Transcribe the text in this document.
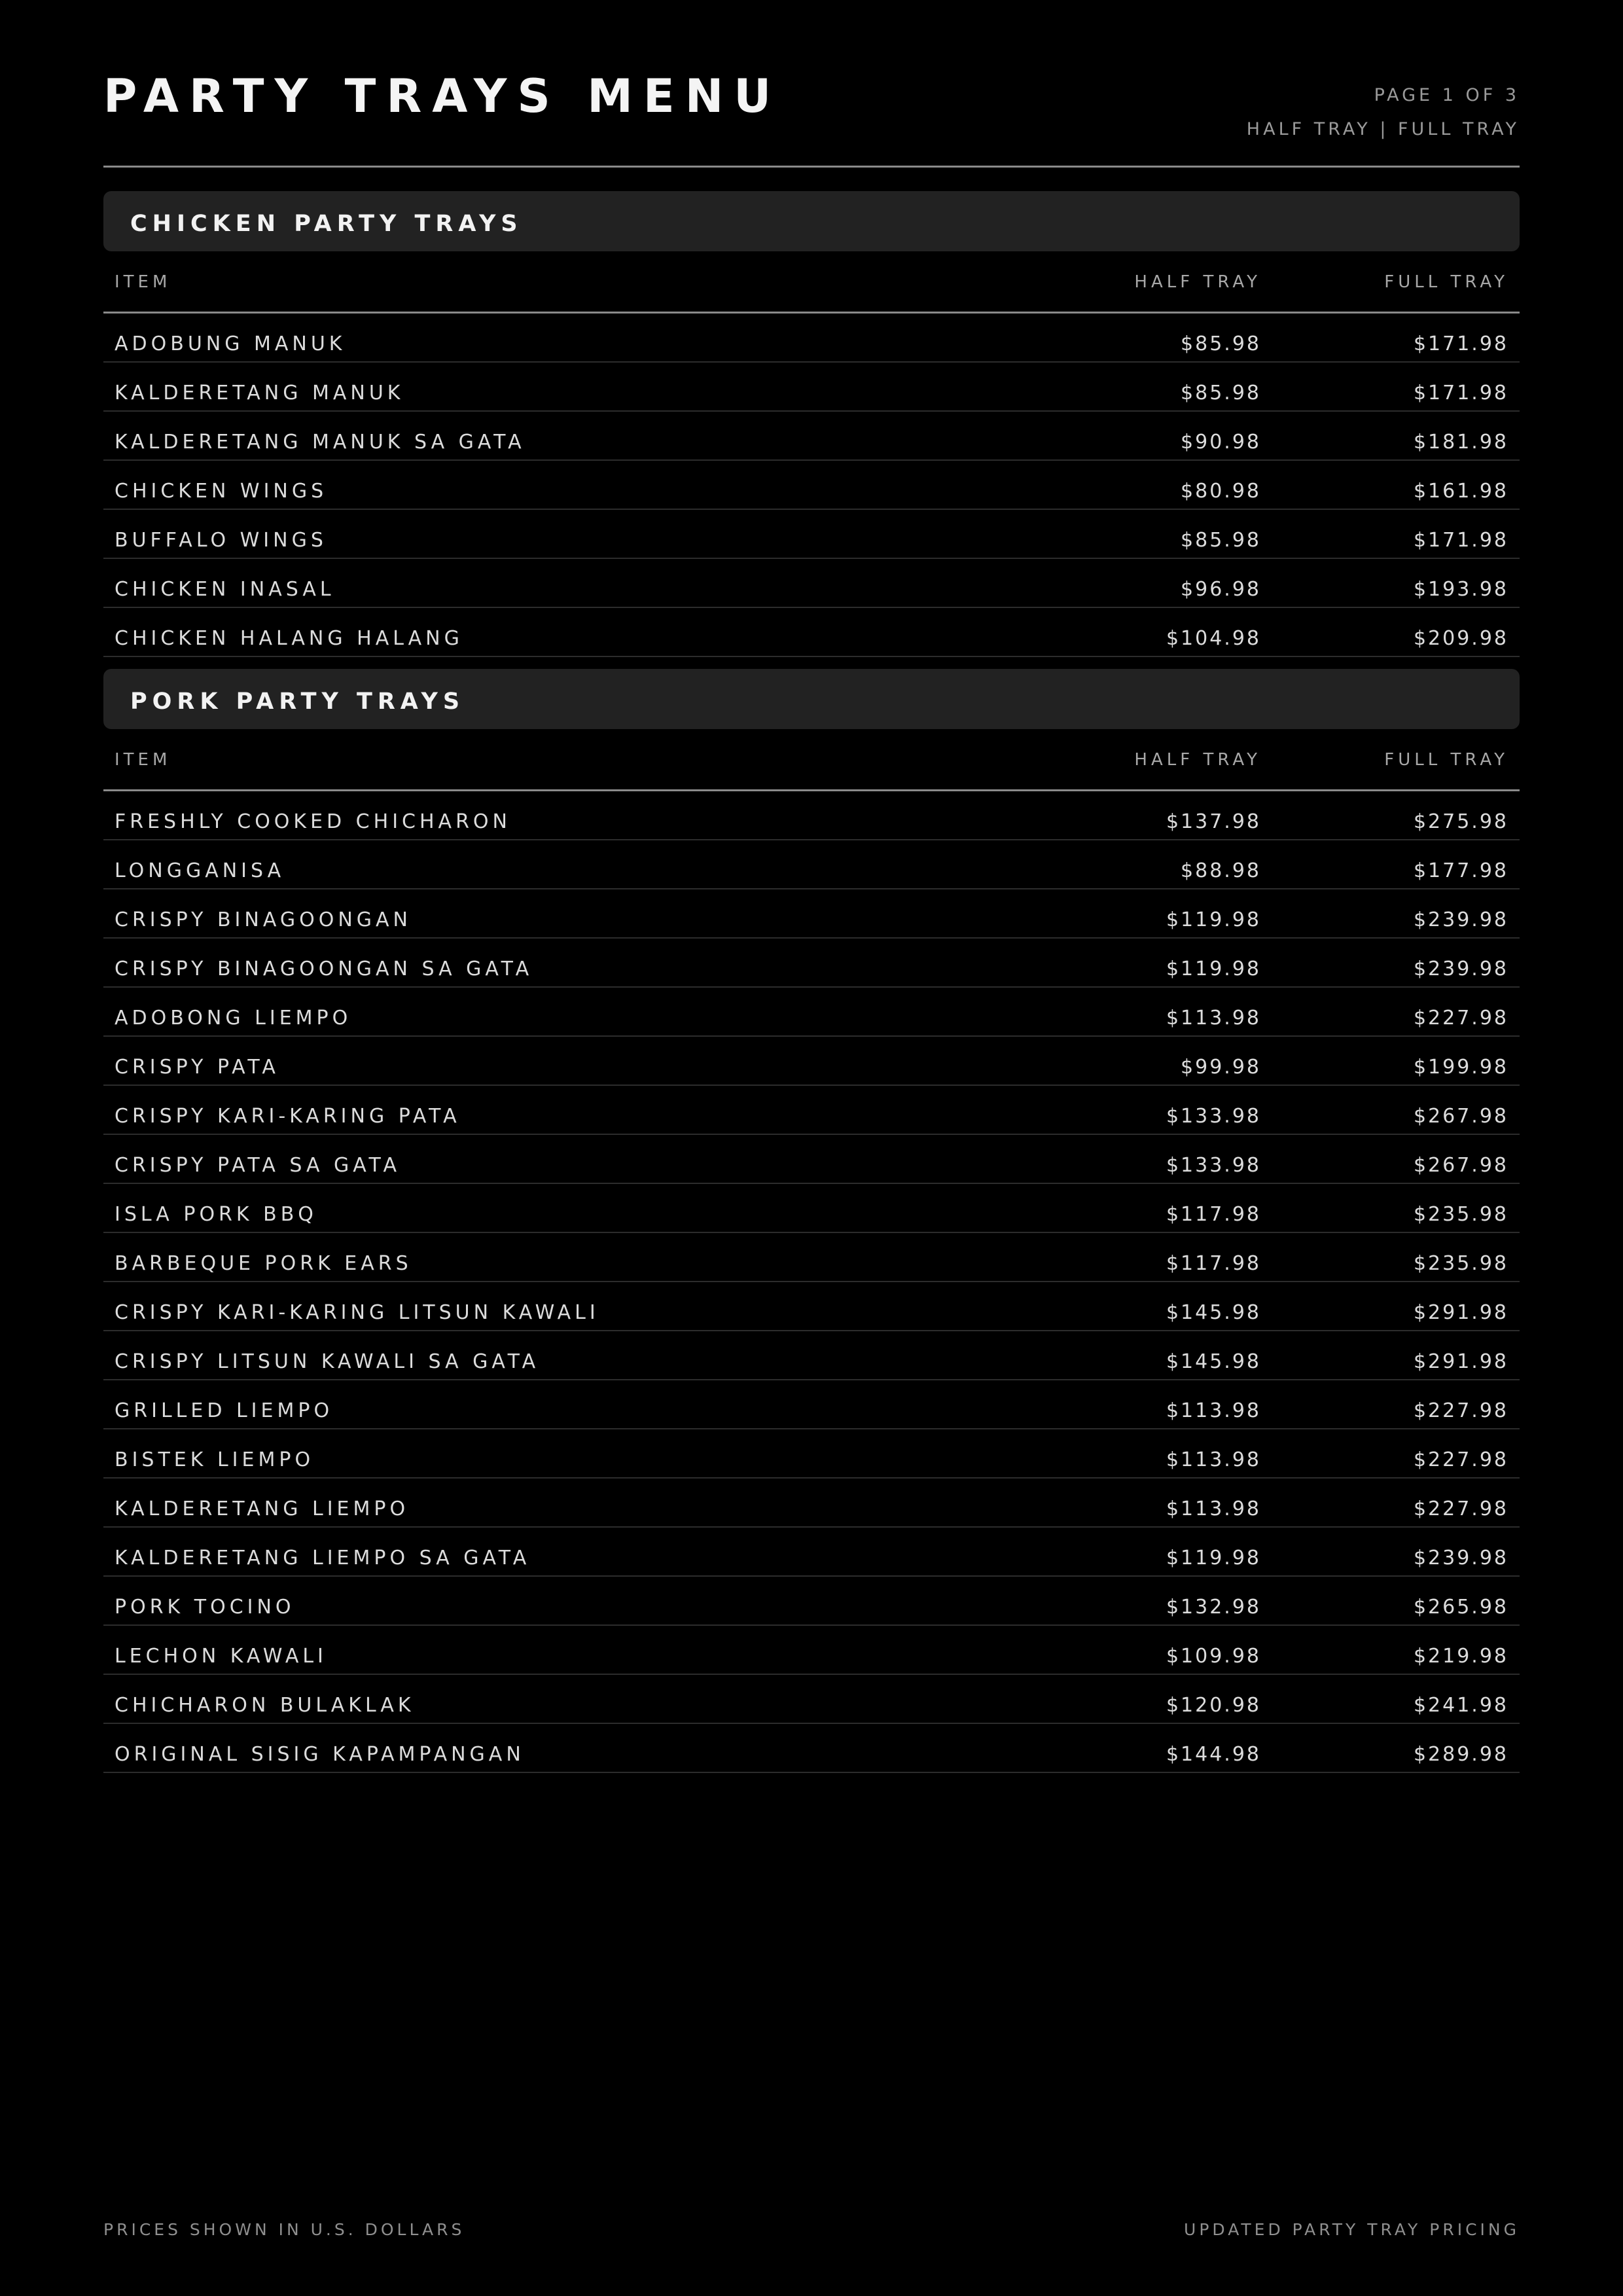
PARTY TRAYS MENU	PAGE 1 OF 3
HALF TRAY | FULL TRAY
CHICKEN PARTY TRAYS
ITEM	HALF TRAY	FULL TRAY
ADOBUNG MANUK	$85.98	$171.98
KALDERETANG MANUK	$85.98	$171.98
KALDERETANG MANUK SA GATA	$90.98	$181.98
CHICKEN WINGS	$80.98	$161.98
BUFFALO WINGS	$85.98	$171.98
CHICKEN INASAL	$96.98	$193.98
CHICKEN HALANG HALANG	$104.98	$209.98
PORK PARTY TRAYS
ITEM	HALF TRAY	FULL TRAY
FRESHLY COOKED CHICHARON	$137.98	$275.98
LONGGANISA	$88.98	$177.98
CRISPY BINAGOONGAN	$119.98	$239.98
CRISPY BINAGOONGAN SA GATA	$119.98	$239.98
ADOBONG LIEMPO	$113.98	$227.98
CRISPY PATA	$99.98	$199.98
CRISPY KARI-KARING PATA	$133.98	$267.98
CRISPY PATA SA GATA	$133.98	$267.98
ISLA PORK BBQ	$117.98	$235.98
BARBEQUE PORK EARS	$117.98	$235.98
CRISPY KARI-KARING LITSUN KAWALI	$145.98	$291.98
CRISPY LITSUN KAWALI SA GATA	$145.98	$291.98
GRILLED LIEMPO	$113.98	$227.98
BISTEK LIEMPO	$113.98	$227.98
KALDERETANG LIEMPO	$113.98	$227.98
KALDERETANG LIEMPO SA GATA	$119.98	$239.98
PORK TOCINO	$132.98	$265.98
LECHON KAWALI	$109.98	$219.98
CHICHARON BULAKLAK	$120.98	$241.98
ORIGINAL SISIG KAPAMPANGAN	$144.98	$289.98
PRICES SHOWN IN U.S. DOLLARS	UPDATED PARTY TRAY PRICING
